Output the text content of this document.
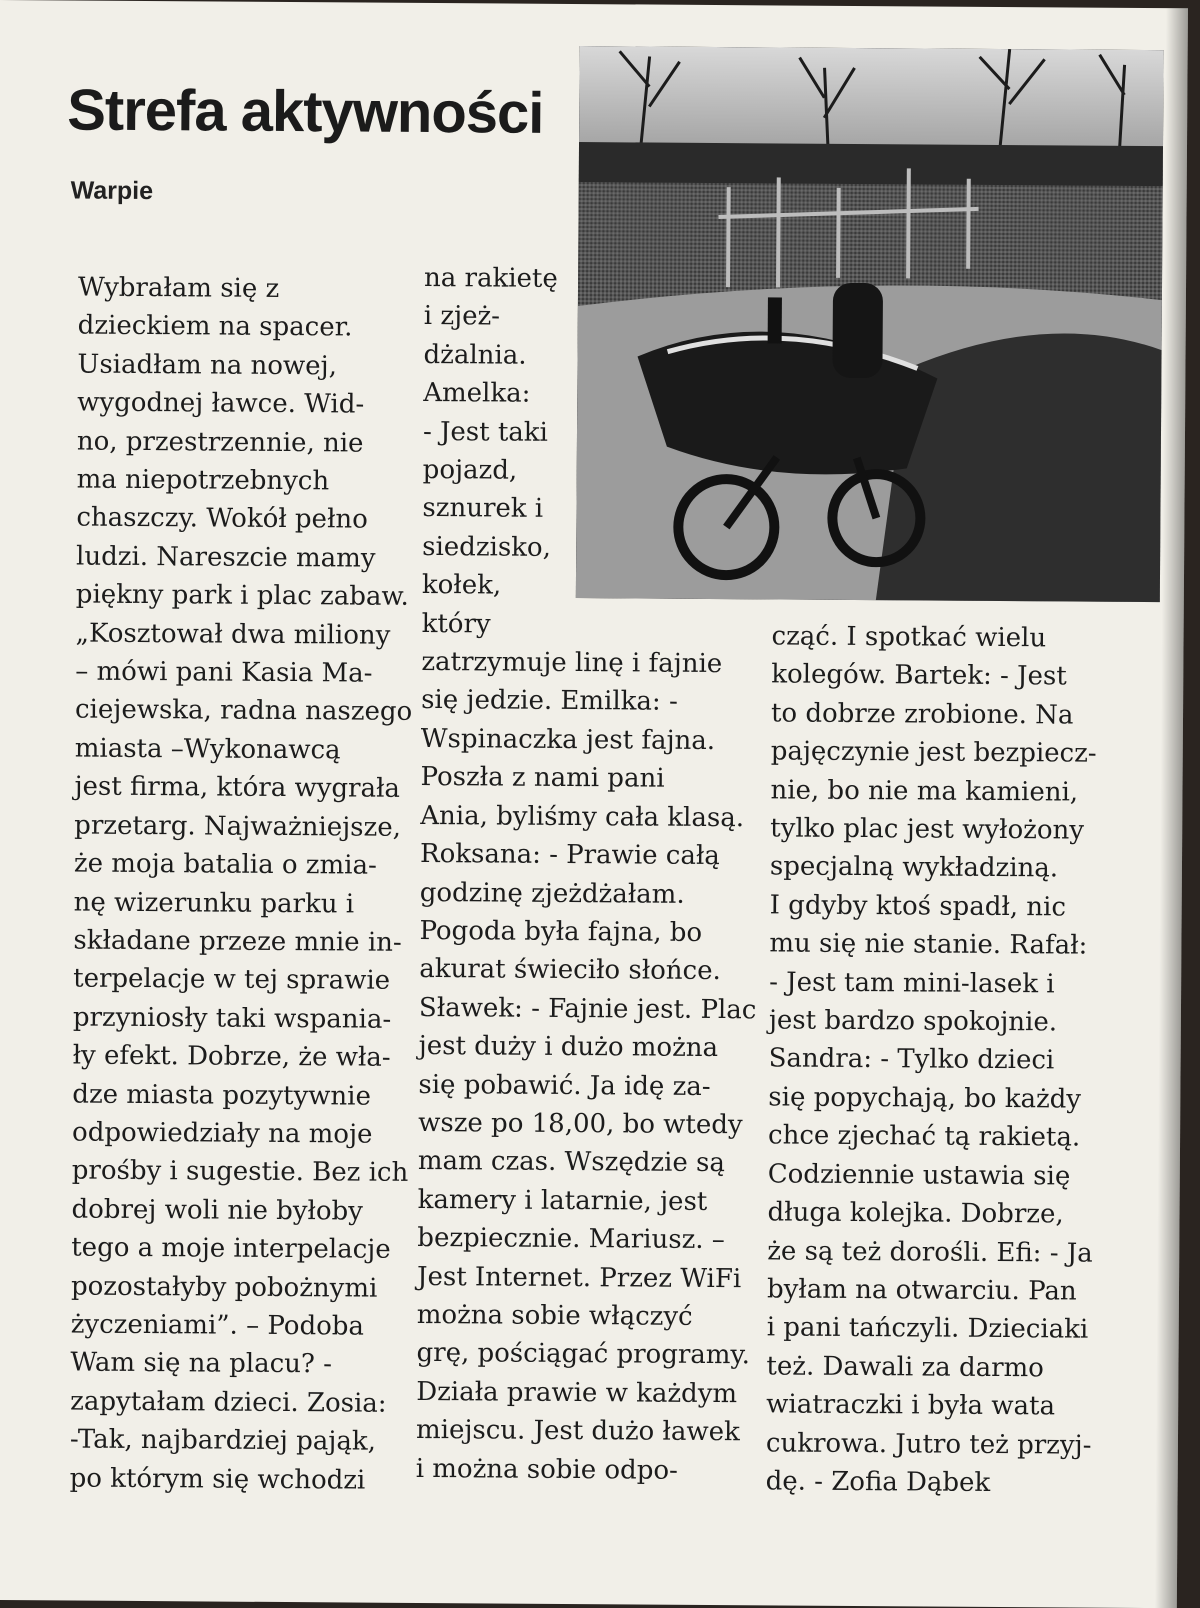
Strefa aktywności
Warpie

Wybrałam się z

dzieckiem na spacer.

Usiadłam na nowej,

wygodnej ławce. Wid-

no, przestrzennie, nie

ma niepotrzebnych

chaszczy. Wokół pełno

ludzi. Nareszcie mamy

piękny park i plac zabaw.

„Kosztował dwa miliony

– mówi pani Kasia Ma-

ciejewska, radna naszego

miasta –Wykonawcą

jest firma, która wygrała

przetarg. Najważniejsze,

że moja batalia o zmia-

nę wizerunku parku i

składane przeze mnie in-

terpelacje w tej sprawie

przyniosły taki wspania-

ły efekt. Dobrze, że wła-

dze miasta pozytywnie

odpowiedziały na moje

prośby i sugestie. Bez ich

dobrej woli nie byłoby

tego a moje interpelacje

pozostałyby pobożnymi

życzeniami”. – Podoba

Wam się na placu? -

zapytałam dzieci. Zosia:

-Tak, najbardziej pająk,

po którym się wchodzi

na rakietę

i zjeż-

dżalnia.

Amelka:

- Jest taki

pojazd,

sznurek i

siedzisko,

kołek,

który

zatrzymuje linę i fajnie

się jedzie. Emilka: -

Wspinaczka jest fajna.

Poszła z nami pani

Ania, byliśmy cała klasą.

Roksana: - Prawie całą

godzinę zjeżdżałam.

Pogoda była fajna, bo

akurat świeciło słońce.

Sławek: - Fajnie jest. Plac

jest duży i dużo można

się pobawić. Ja idę za-

wsze po 18,00, bo wtedy

mam czas. Wszędzie są

kamery i latarnie, jest

bezpiecznie. Mariusz. –

Jest Internet. Przez WiFi

można sobie włączyć

grę, pościągać programy.

Działa prawie w każdym

miejscu. Jest dużo ławek

i można sobie odpo-

cząć. I spotkać wielu

kolegów. Bartek: - Jest

to dobrze zrobione. Na

pajęczynie jest bezpiecz-

nie, bo nie ma kamieni,

tylko plac jest wyłożony

specjalną wykładziną.

I gdyby ktoś spadł, nic

mu się nie stanie. Rafał:

- Jest tam mini-lasek i

jest bardzo spokojnie.

Sandra: - Tylko dzieci

się popychają, bo każdy

chce zjechać tą rakietą.

Codziennie ustawia się

długa kolejka. Dobrze,

że są też dorośli. Efi: - Ja

byłam na otwarciu. Pan

i pani tańczyli. Dzieciaki

też. Dawali za darmo

wiatraczki i była wata

cukrowa. Jutro też przyj-

dę. - Zofia Dąbek
